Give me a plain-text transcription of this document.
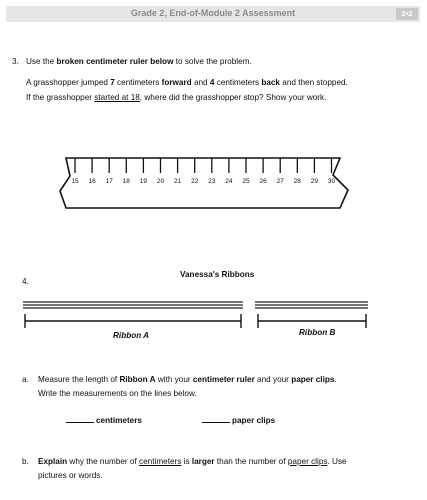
Grade 2, End-of-Module 2 Assessment	2•2
3. Use the broken centimeter ruler below to solve the problem.
A grasshopper jumped 7 centimeters forward and 4 centimeters back and then stopped.
If the grasshopper started at 18, where did the grasshopper stop? Show your work.
15 16 17 18 19 20 21 22 23 24 25 26 27 28 29 30
4.
Vanessa's Ribbons
Ribbon A	Ribbon B
a. Measure the length of Ribbon A with your centimeter ruler and your paper clips.
Write the measurements on the lines below.
centimeters	paper clips
b. Explain why the number of centimeters is larger than the number of paper clips. Use
pictures or words.
